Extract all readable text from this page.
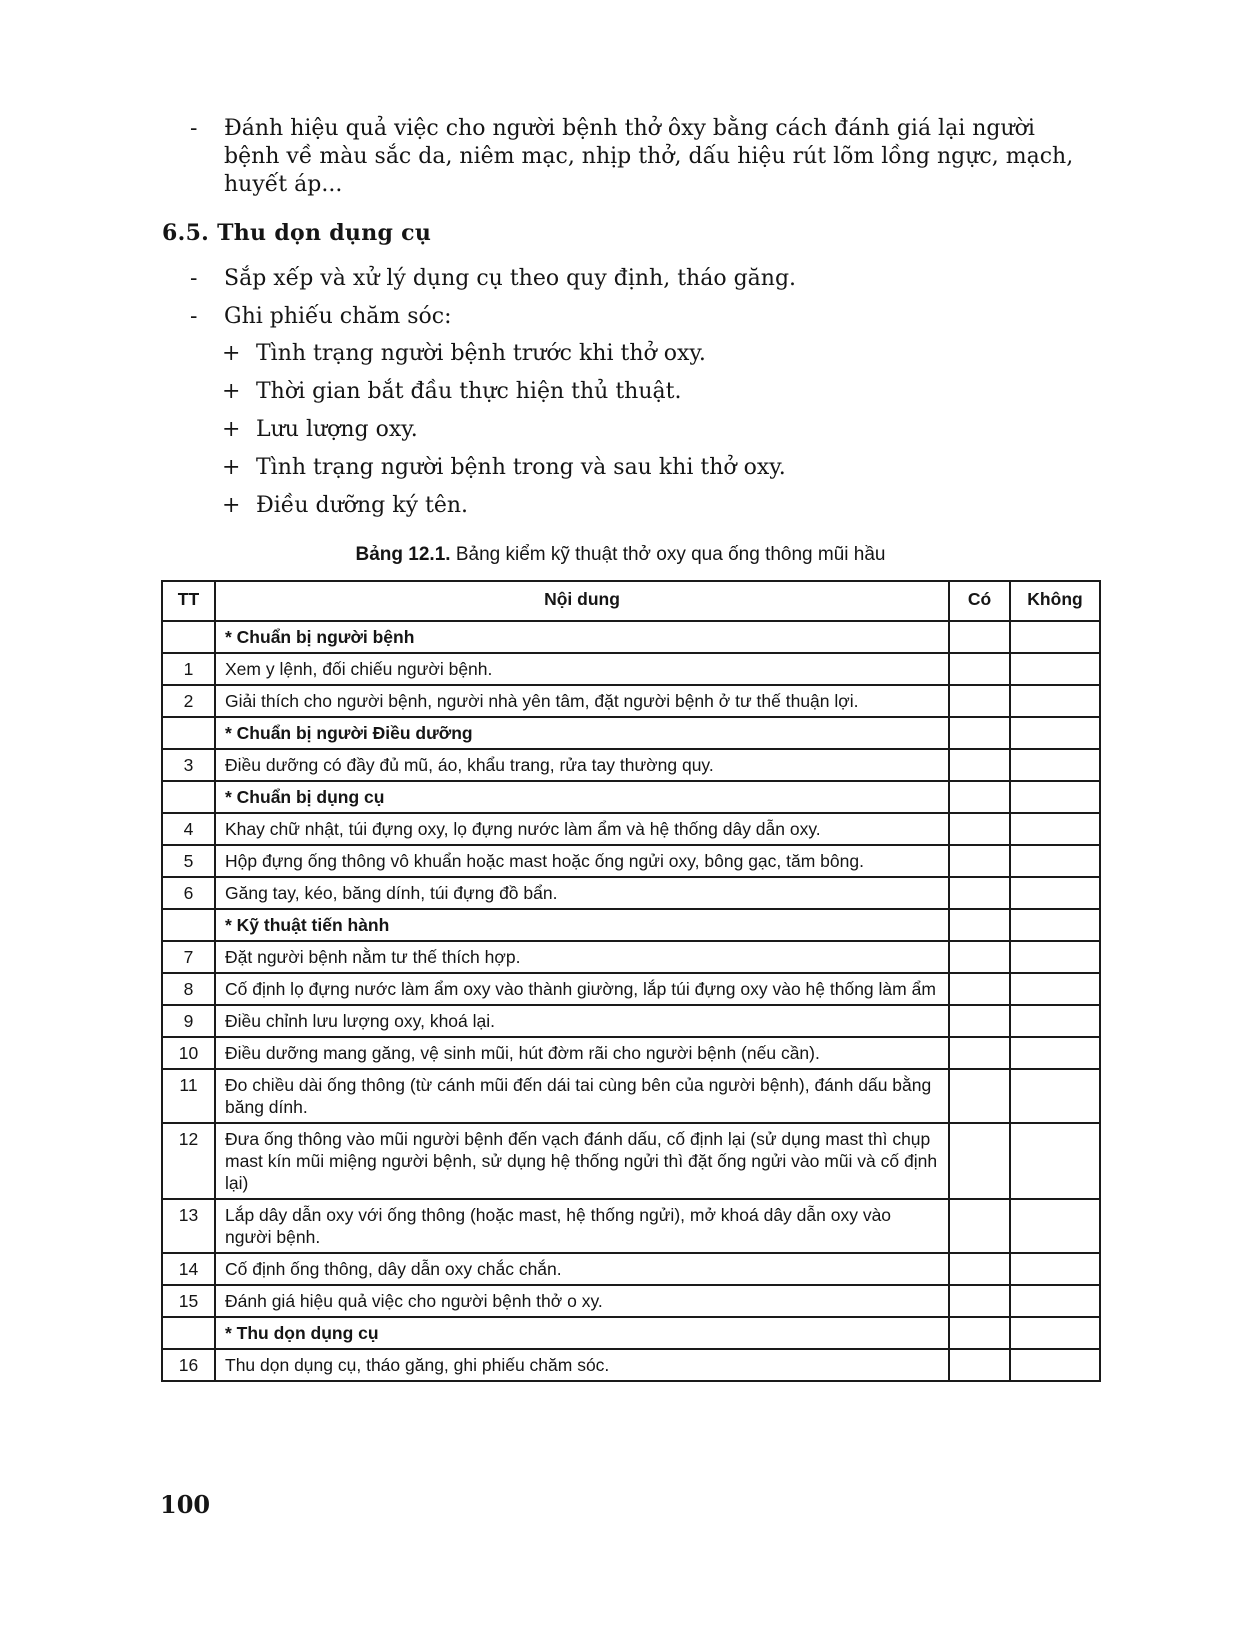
- Đánh hiệu quả việc cho người bệnh thở ôxy bằng cách đánh giá lại người bệnh về màu sắc da, niêm mạc, nhịp thở, dấu hiệu rút lõm lồng ngực, mạch, huyết áp...
6.5. Thu dọn dụng cụ
- Sắp xếp và xử lý dụng cụ theo quy định, tháo găng.
- Ghi phiếu chăm sóc:
+ Tình trạng người bệnh trước khi thở oxy.
+ Thời gian bắt đầu thực hiện thủ thuật.
+ Lưu lượng oxy.
+ Tình trạng người bệnh trong và sau khi thở oxy.
+ Điều dưỡng ký tên.
Bảng 12.1. Bảng kiểm kỹ thuật thở oxy qua ống thông mũi hầu
TT	Nội dung	Có	Không
	* Chuẩn bị người bệnh		
1	Xem y lệnh, đối chiếu người bệnh.		
2	Giải thích cho người bệnh, người nhà yên tâm, đặt người bệnh ở tư thế thuận lợi.		
	* Chuẩn bị người Điều dưỡng		
3	Điều dưỡng có đầy đủ mũ, áo, khẩu trang, rửa tay thường quy.		
	* Chuẩn bị dụng cụ		
4	Khay chữ nhật, túi đựng oxy, lọ đựng nước làm ẩm và hệ thống dây dẫn oxy.		
5	Hộp đựng ống thông vô khuẩn hoặc mast hoặc ống ngửi oxy, bông gạc, tăm bông.		
6	Găng tay, kéo, băng dính, túi đựng đồ bẩn.		
	* Kỹ thuật tiến hành		
7	Đặt người bệnh nằm tư thế thích hợp.		
8	Cố định lọ đựng nước làm ẩm oxy vào thành giường, lắp túi đựng oxy vào hệ thống làm ẩm		
9	Điều chỉnh lưu lượng oxy, khoá lại.		
10	Điều dưỡng mang găng, vệ sinh mũi, hút đờm rãi cho người bệnh (nếu cần).		
11	Đo chiều dài ống thông (từ cánh mũi đến dái tai cùng bên của người bệnh), đánh dấu bằng băng dính.		
12	Đưa ống thông vào mũi người bệnh đến vạch đánh dấu, cố định lại (sử dụng mast thì chụp mast kín mũi miệng người bệnh, sử dụng hệ thống ngửi thì đặt ống ngửi vào mũi và cố định lại)		
13	Lắp dây dẫn oxy với ống thông (hoặc mast, hệ thống ngửi), mở khoá dây dẫn oxy vào người bệnh.		
14	Cố định ống thông, dây dẫn oxy chắc chắn.		
15	Đánh giá hiệu quả việc cho người bệnh thở o xy.		
	* Thu dọn dụng cụ		
16	Thu dọn dụng cụ, tháo găng, ghi phiếu chăm sóc.		
100
